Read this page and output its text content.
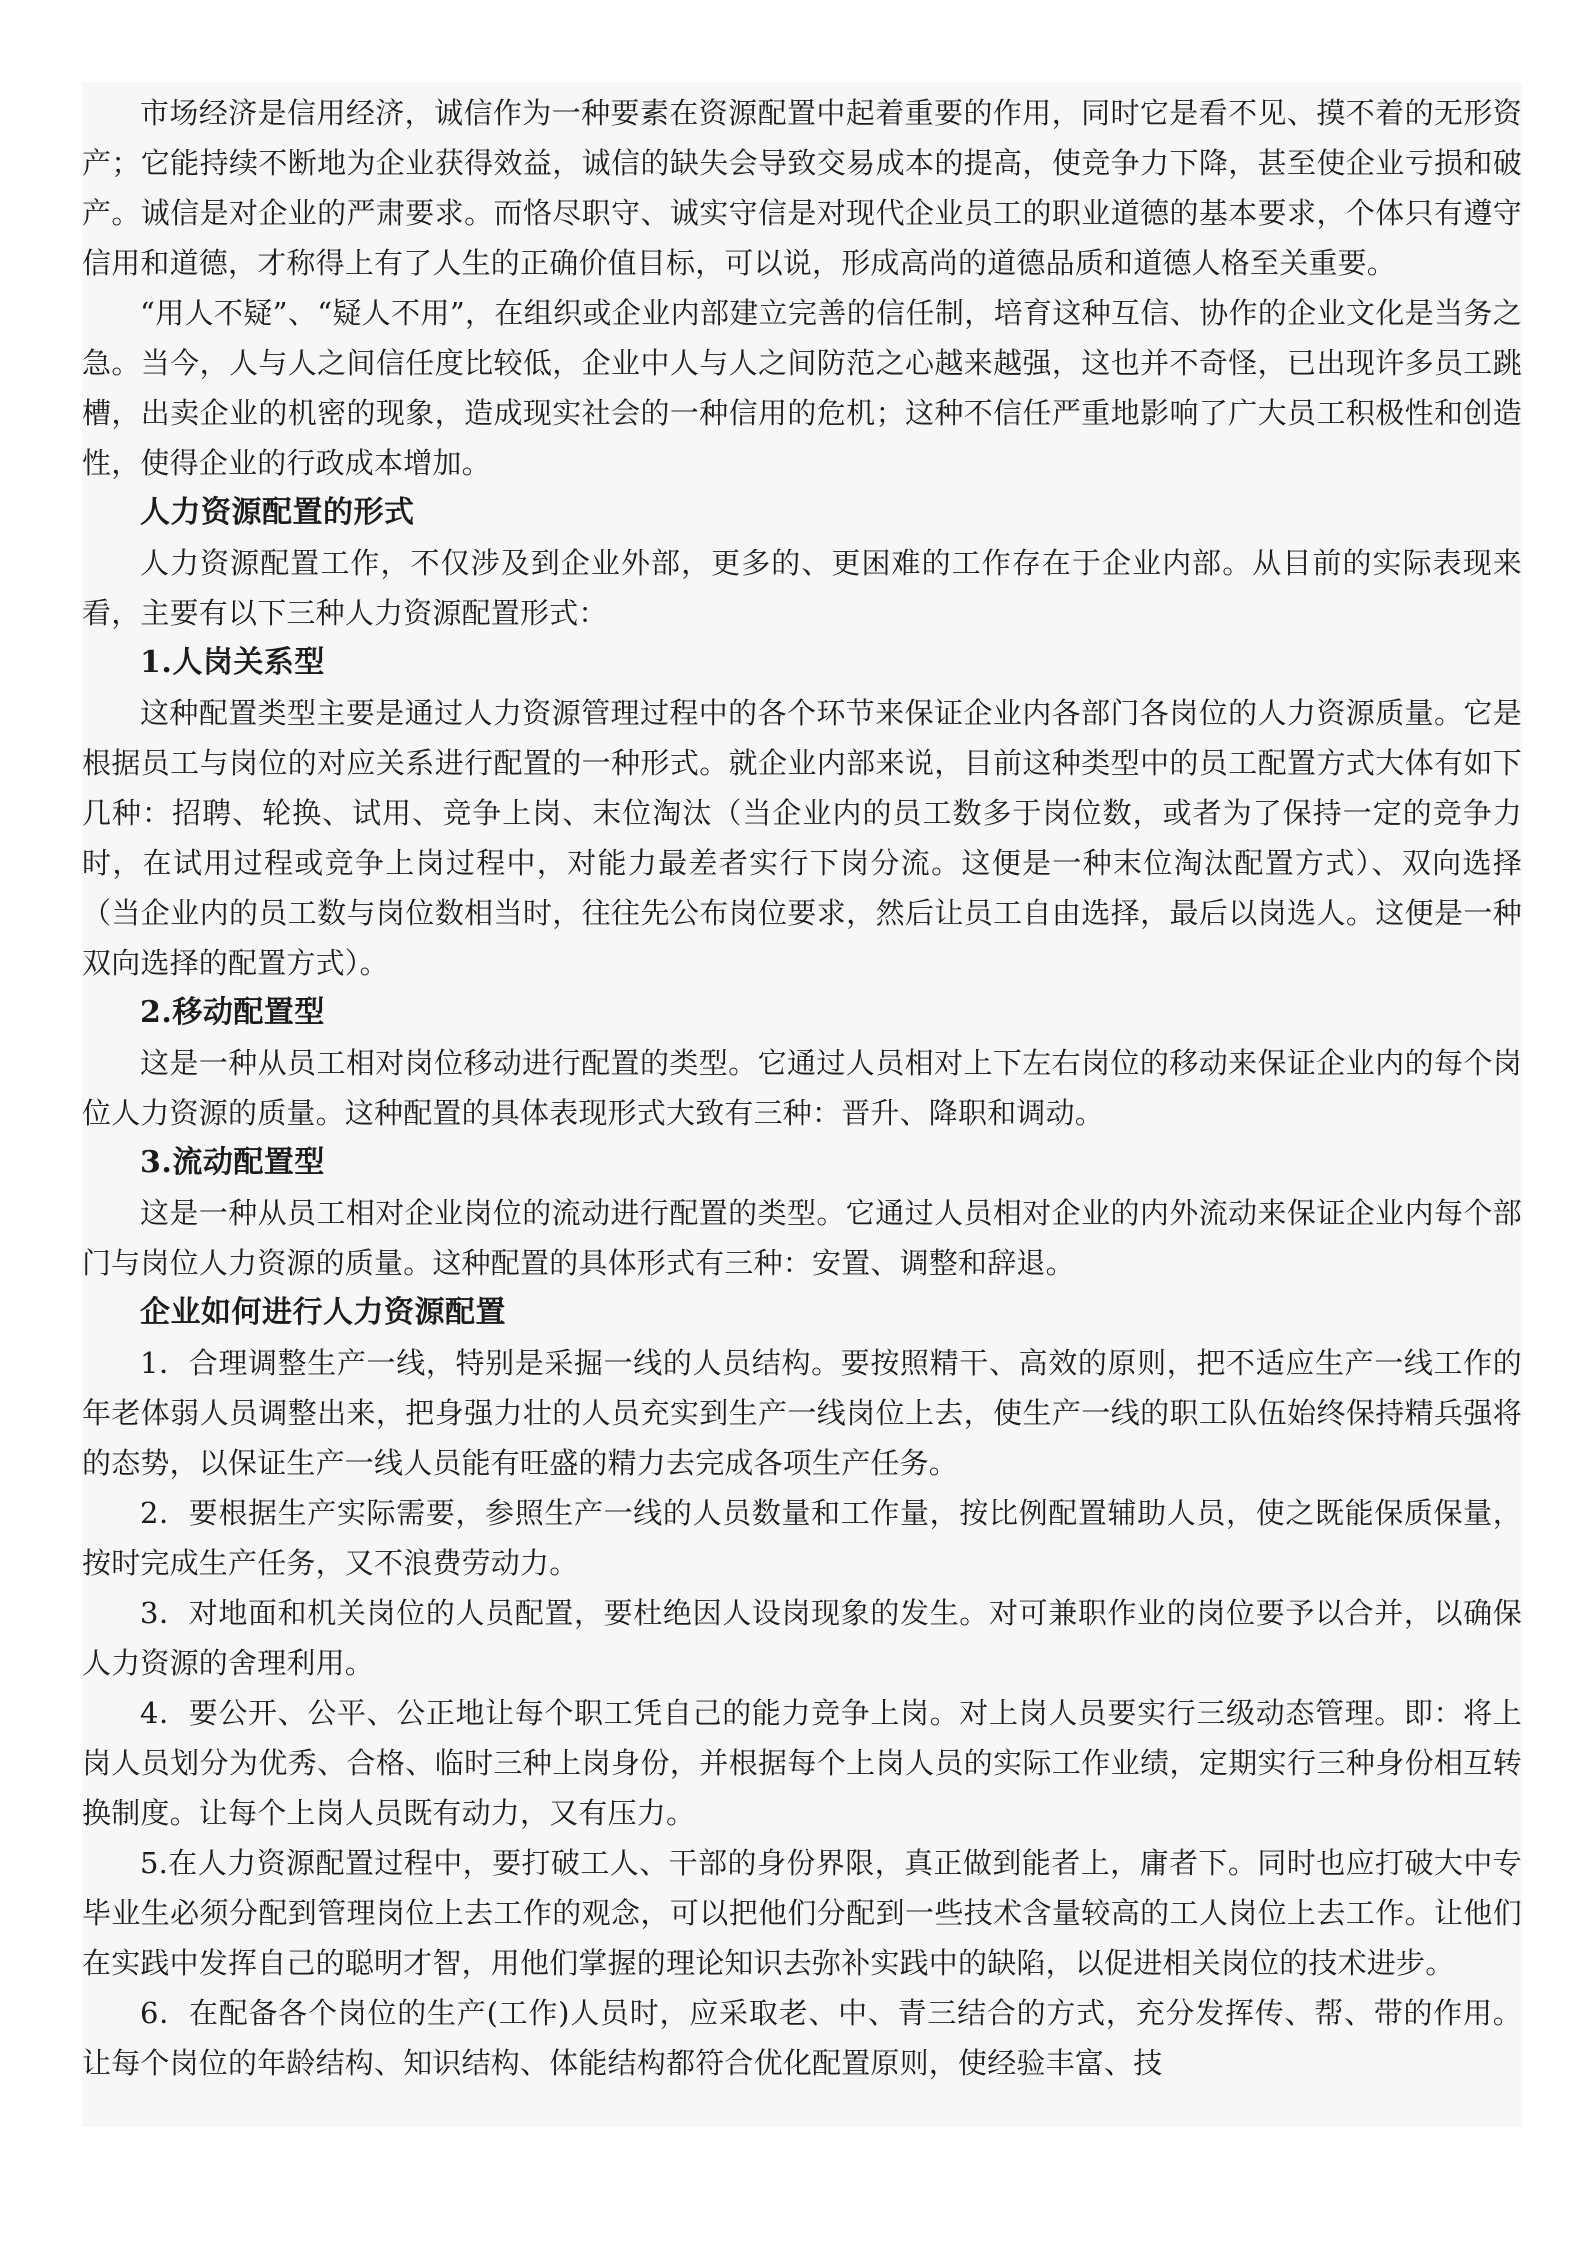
市场经济是信用经济，诚信作为一种要素在资源配置中起着重要的作用，同时它是看不见、摸不着的无形资产；它能持续不断地为企业获得效益，诚信的缺失会导致交易成本的提高，使竞争力下降，甚至使企业亏损和破产。诚信是对企业的严肃要求。而恪尽职守、诚实守信是对现代企业员工的职业道德的基本要求，个体只有遵守信用和道德，才称得上有了人生的正确价值目标，可以说，形成高尚的道德品质和道德人格至关重要。

“用人不疑”、“疑人不用”，在组织或企业内部建立完善的信任制，培育这种互信、协作的企业文化是当务之急。当今，人与人之间信任度比较低，企业中人与人之间防范之心越来越强，这也并不奇怪，已出现许多员工跳槽，出卖企业的机密的现象，造成现实社会的一种信用的危机；这种不信任严重地影响了广大员工积极性和创造性，使得企业的行政成本增加。

人力资源配置的形式

人力资源配置工作，不仅涉及到企业外部，更多的、更困难的工作存在于企业内部。从目前的实际表现来看，主要有以下三种人力资源配置形式：

1.人岗关系型

这种配置类型主要是通过人力资源管理过程中的各个环节来保证企业内各部门各岗位的人力资源质量。它是根据员工与岗位的对应关系进行配置的一种形式。就企业内部来说，目前这种类型中的员工配置方式大体有如下几种：招聘、轮换、试用、竞争上岗、末位淘汰（当企业内的员工数多于岗位数，或者为了保持一定的竞争力时，在试用过程或竞争上岗过程中，对能力最差者实行下岗分流。这便是一种末位淘汰配置方式）、双向选择（当企业内的员工数与岗位数相当时，往往先公布岗位要求，然后让员工自由选择，最后以岗选人。这便是一种双向选择的配置方式）。

2.移动配置型

这是一种从员工相对岗位移动进行配置的类型。它通过人员相对上下左右岗位的移动来保证企业内的每个岗位人力资源的质量。这种配置的具体表现形式大致有三种：晋升、降职和调动。

3.流动配置型

这是一种从员工相对企业岗位的流动进行配置的类型。它通过人员相对企业的内外流动来保证企业内每个部门与岗位人力资源的质量。这种配置的具体形式有三种：安置、调整和辞退。

企业如何进行人力资源配置

1．合理调整生产一线，特别是采掘一线的人员结构。要按照精干、高效的原则，把不适应生产一线工作的年老体弱人员调整出来，把身强力壮的人员充实到生产一线岗位上去，使生产一线的职工队伍始终保持精兵强将的态势，以保证生产一线人员能有旺盛的精力去完成各项生产任务。

2．要根据生产实际需要，参照生产一线的人员数量和工作量，按比例配置辅助人员，使之既能保质保量，按时完成生产任务，又不浪费劳动力。

3．对地面和机关岗位的人员配置，要杜绝因人设岗现象的发生。对可兼职作业的岗位要予以合并，以确保人力资源的舍理利用。

4．要公开、公平、公正地让每个职工凭自己的能力竞争上岗。对上岗人员要实行三级动态管理。即：将上岗人员划分为优秀、合格、临时三种上岗身份，并根据每个上岗人员的实际工作业绩，定期实行三种身份相互转换制度。让每个上岗人员既有动力，又有压力。

5.在人力资源配置过程中，要打破工人、干部的身份界限，真正做到能者上，庸者下。同时也应打破大中专毕业生必须分配到管理岗位上去工作的观念，可以把他们分配到一些技术含量较高的工人岗位上去工作。让他们在实践中发挥自己的聪明才智，用他们掌握的理论知识去弥补实践中的缺陷，以促进相关岗位的技术进步。

6．在配备各个岗位的生产(工作)人员时，应采取老、中、青三结合的方式，充分发挥传、帮、带的作用。让每个岗位的年龄结构、知识结构、体能结构都符合优化配置原则，使经验丰富、技
